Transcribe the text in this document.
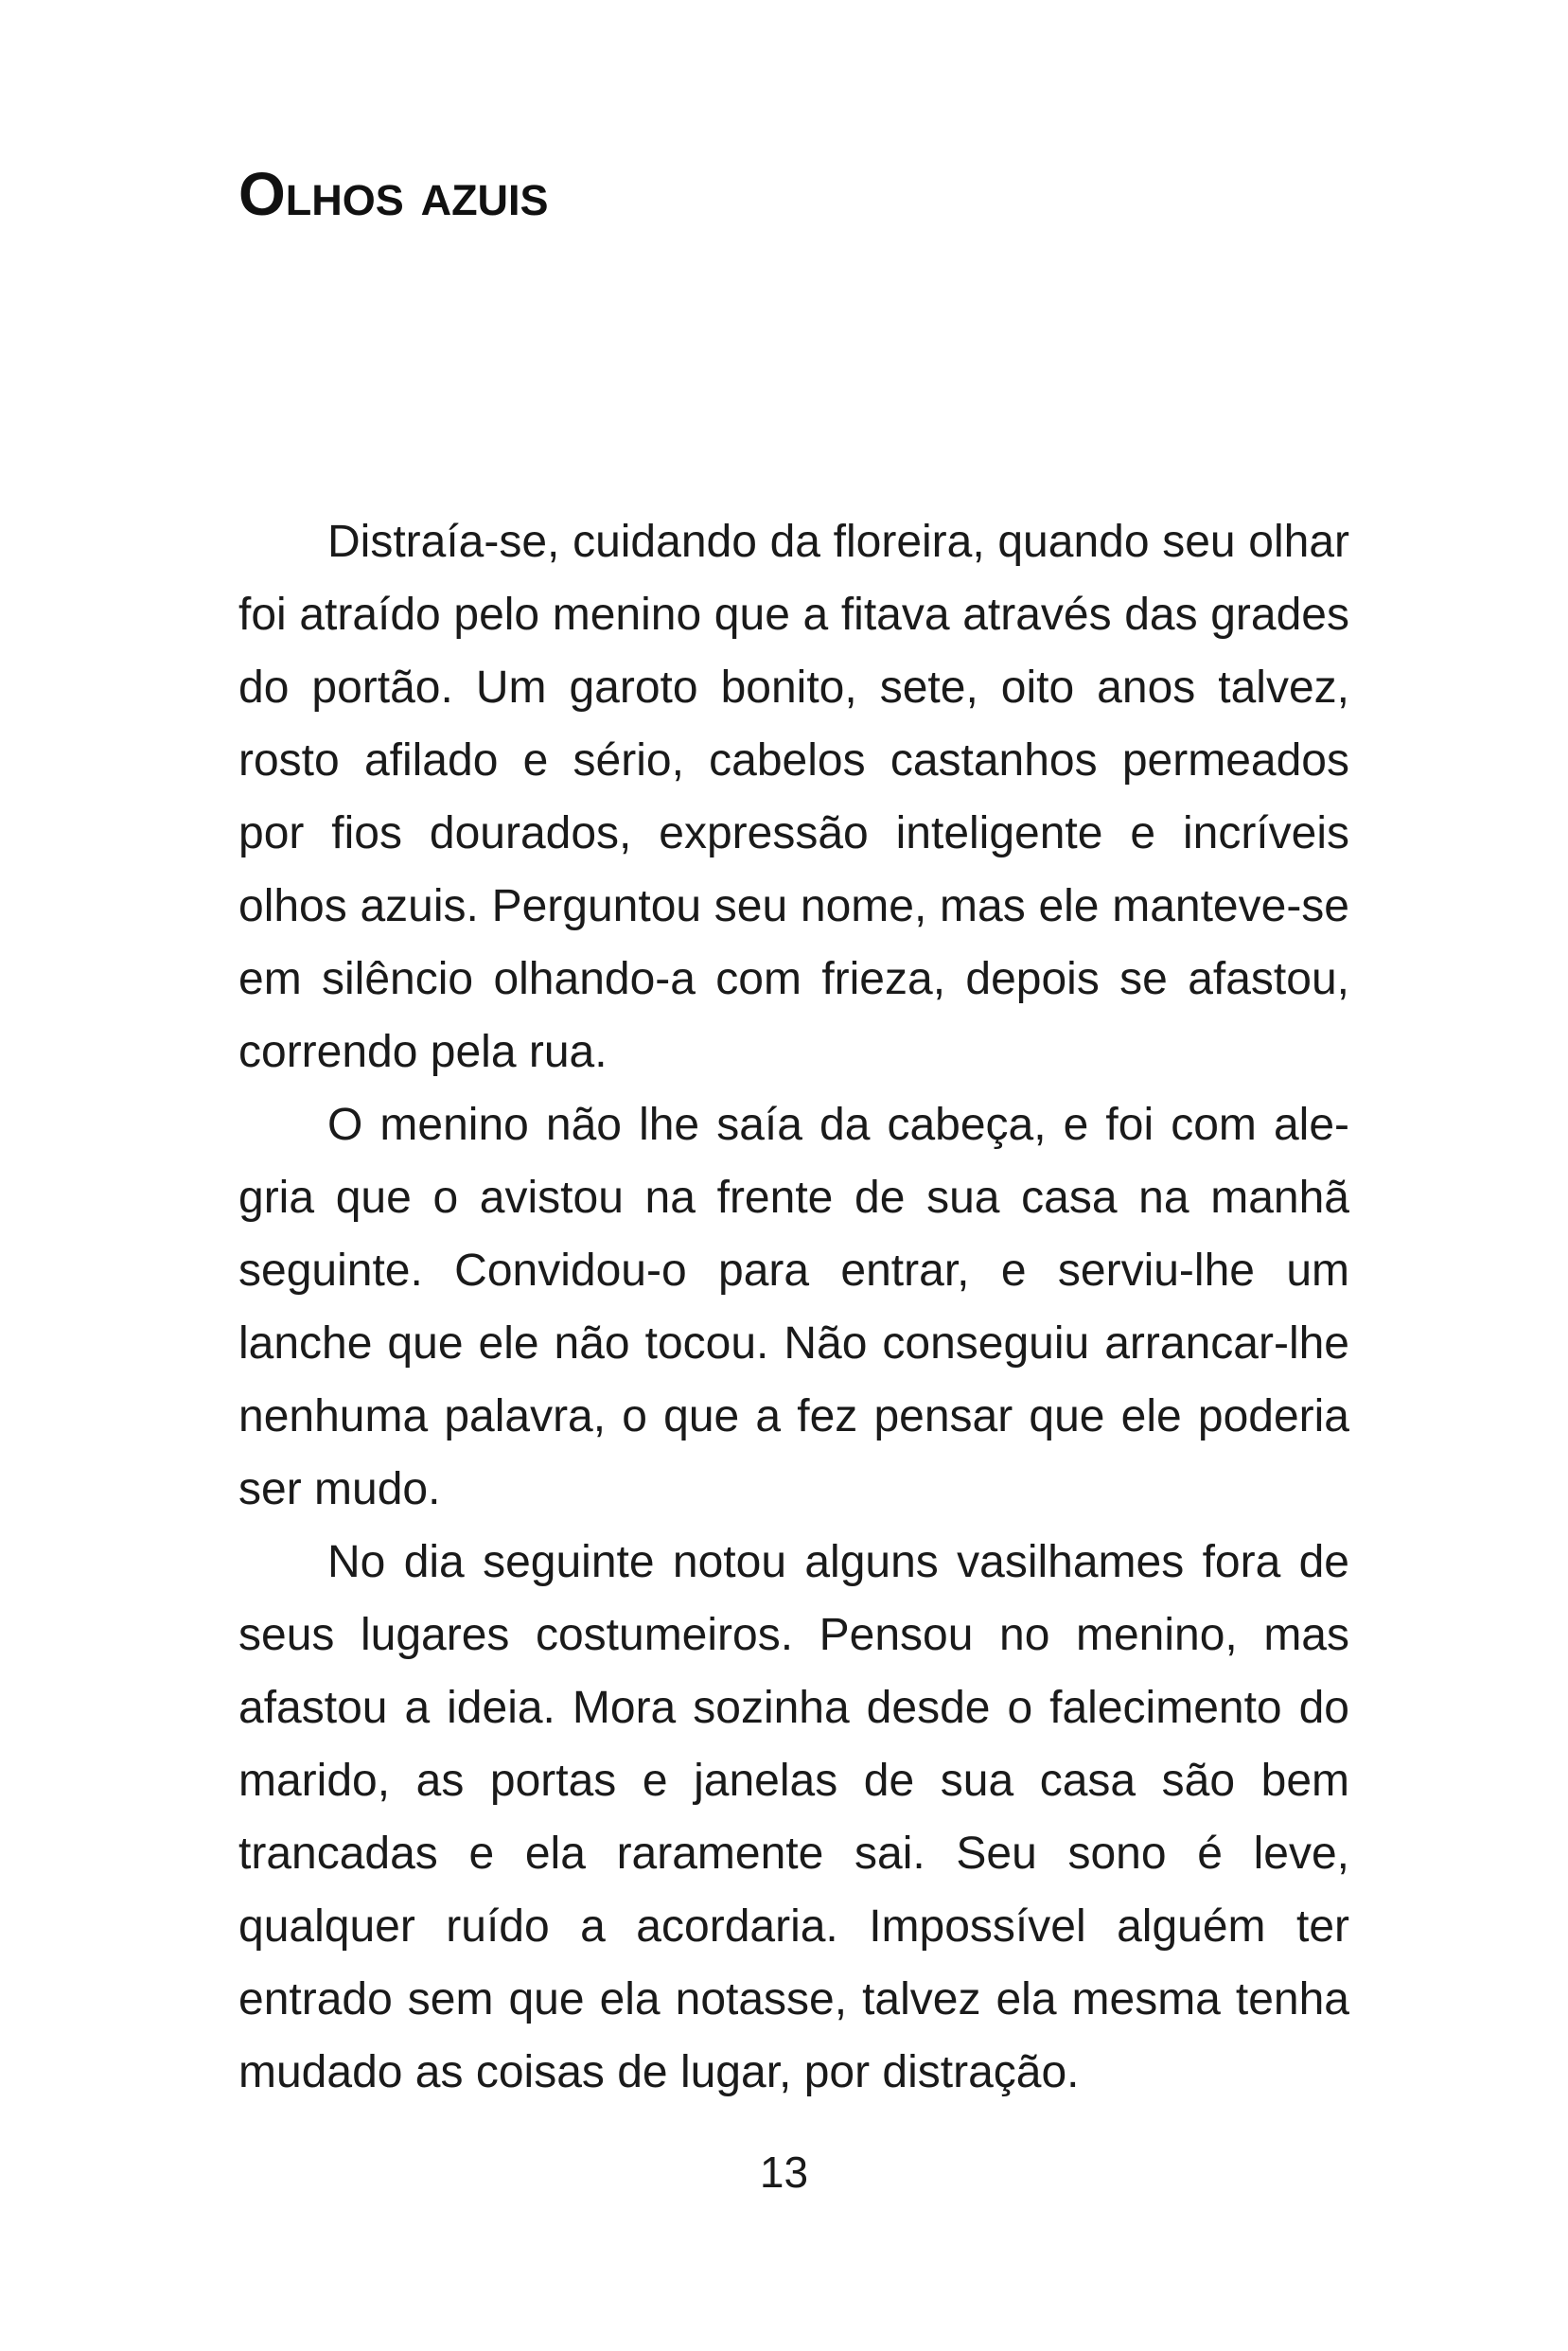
Olhos azuis

Distraía-se, cuidando da floreira, quando seu olhar foi atraído pelo menino que a fitava através das grades do portão. Um garoto bonito, sete, oito anos talvez, rosto afilado e sério, cabelos castanhos permeados por fios dourados, expressão inteligente e incríveis olhos azuis. Perguntou seu nome, mas ele manteve-se em silêncio olhando-a com frieza, depois se afastou, correndo pela rua.

O menino não lhe saía da cabeça, e foi com alegria que o avistou na frente de sua casa na manhã seguinte. Convidou-o para entrar, e serviu-lhe um lanche que ele não tocou. Não conseguiu arrancar-lhe nenhuma palavra, o que a fez pensar que ele poderia ser mudo.

No dia seguinte notou alguns vasilhames fora de seus lugares costumeiros. Pensou no menino, mas afastou a ideia. Mora sozinha desde o falecimento do marido, as portas e janelas de sua casa são bem trancadas e ela raramente sai. Seu sono é leve, qualquer ruído a acordaria. Impossível alguém ter entrado sem que ela notasse, talvez ela mesma tenha mudado as coisas de lugar, por distração.

13
